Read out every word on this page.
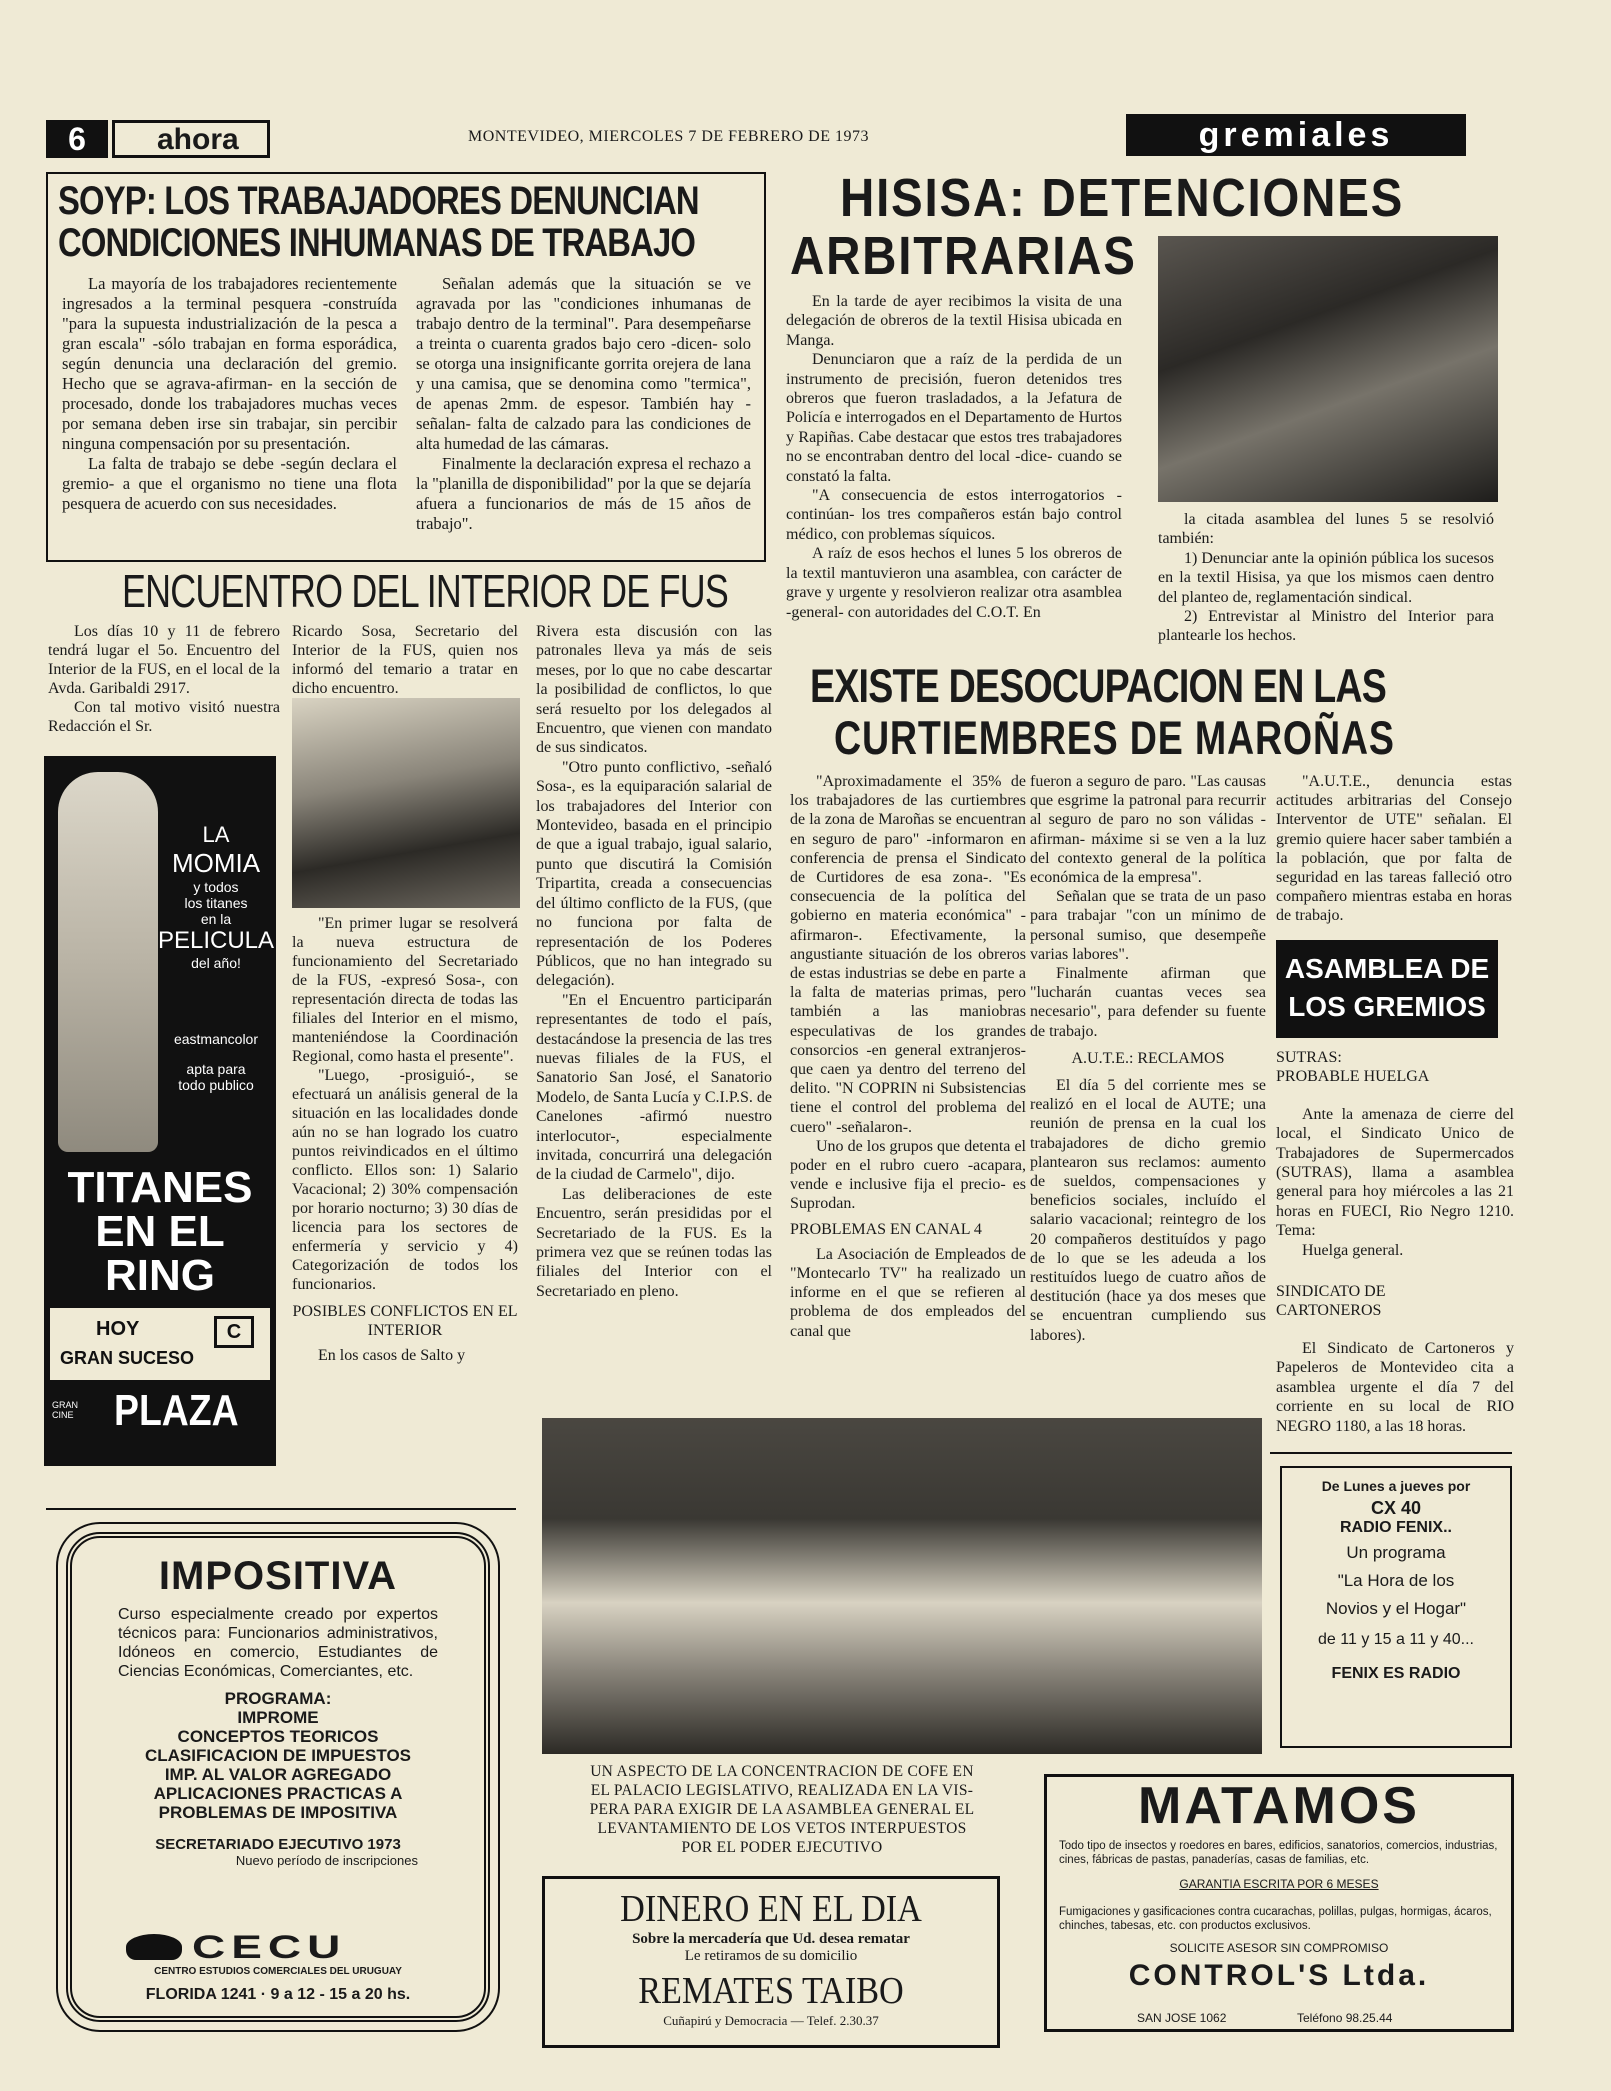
6	ahora	MONTEVIDEO, MIERCOLES 7 DE FEBRERO DE 1973	gremiales
SOYP: LOS TRABAJADORES DENUNCIAN
CONDICIONES INHUMANAS DE TRABAJO

La mayoría de los trabajadores recientemente ingresados a la terminal pesquera -construída "para la supuesta industrialización de la pesca a gran escala" -sólo trabajan en forma esporádica, según denuncia una declaración del gremio. Hecho que se agrava-afirman- en la sección de procesado, donde los trabajadores muchas veces por semana deben irse sin trabajar, sin percibir ninguna compensación por su presentación.

La falta de trabajo se debe -según declara el gremio- a que el organismo no tiene una flota pesquera de acuerdo con sus necesidades.

Señalan además que la situación se ve agravada por las "condiciones inhumanas de trabajo dentro de la terminal". Para desempeñarse a treinta o cuarenta grados bajo cero -dicen- solo se otorga una insignificante gorrita orejera de lana y una camisa, que se denomina como "termica", de apenas 2mm. de espesor. También hay -señalan- falta de calzado para las condiciones de alta humedad de las cámaras.

Finalmente la declaración expresa el rechazo a la "planilla de disponibilidad" por la que se dejaría afuera a funcionarios de más de 15 años de trabajo".

HISISA: DETENCIONES
ARBITRARIAS

En la tarde de ayer recibimos la visita de una delegación de obreros de la textil Hisisa ubicada en Manga.

Denunciaron que a raíz de la perdida de un instrumento de precisión, fueron detenidos tres obreros que fueron trasladados, a la Jefatura de Policía e interrogados en el Departamento de Hurtos y Rapiñas. Cabe destacar que estos tres trabajadores no se encontraban dentro del local -dice- cuando se constató la falta.

"A consecuencia de estos interrogatorios -continúan- los tres compañeros están bajo control médico, con problemas síquicos.

A raíz de esos hechos el lunes 5 los obreros de la textil mantuvieron una asamblea, con carácter de grave y urgente y resolvieron realizar otra asamblea -general- con autoridades del C.O.T. En

la citada asamblea del lunes 5 se resolvió también:

1) Denunciar ante la opinión pública los sucesos en la textil Hisisa, ya que los mismos caen dentro del planteo de, reglamentación sindical.

2) Entrevistar al Ministro del Interior para plantearle los hechos.

ENCUENTRO DEL INTERIOR DE FUS

Los días 10 y 11 de febrero tendrá lugar el 5o. Encuentro del Interior de la FUS, en el local de la Avda. Garibaldi 2917.

Con tal motivo visitó nuestra Redacción el Sr.

Ricardo Sosa, Secretario del Interior de la FUS, quien nos informó del temario a tratar en dicho encuentro.

"En primer lugar se resolverá la nueva estructura de funcionamiento del Secretariado de la FUS, -expresó Sosa-, con representación directa de todas las filiales del Interior en el mismo, manteniéndose la Coordinación Regional, como hasta el presente".

"Luego, -prosiguió-, se efectuará un análisis general de la situación en las localidades donde aún no se han logrado los cuatro puntos reivindicados en el último conflicto. Ellos son: 1) Salario Vacacional; 2) 30% compensación por horario nocturno; 3) 30 días de licencia para los sectores de enfermería y servicio y 4) Categorización de todos los funcionarios.

POSIBLES CONFLICTOS EN EL INTERIOR

En los casos de Salto y

Rivera esta discusión con las patronales lleva ya más de seis meses, por lo que no cabe descartar la posibilidad de conflictos, lo que será resuelto por los delegados al Encuentro, que vienen con mandato de sus sindicatos.

"Otro punto conflictivo, -señaló Sosa-, es la equiparación salarial de los trabajadores del Interior con Montevideo, basada en el principio de que a igual trabajo, igual salario, punto que discutirá la Comisión Tripartita, creada a consecuencias del último conflicto de la FUS, (que no funciona por falta de representación de los Poderes Públicos, que no han integrado su delegación).

"En el Encuentro participarán representantes de todo el país, destacándose la presencia de las tres nuevas filiales de la FUS, el Sanatorio San José, el Sanatorio Modelo, de Santa Lucía y C.I.P.S. de Canelones -afirmó nuestro interlocutor-, especialmente invitada, concurrirá una delegación de la ciudad de Carmelo", dijo.

Las deliberaciones de este Encuentro, serán presididas por el Secretariado de la FUS. Es la primera vez que se reúnen todas las filiales del Interior con el Secretariado en pleno.

LA
MOMIA
y todos
los titanes
en la
PELICULA
del año!
eastmancolor
apta para
todo publico
TITANES
EN EL
RING
HOY
GRAN SUCESO
C
GRAN
CINE PLAZA
EXISTE DESOCUPACION EN LAS
CURTIEMBRES DE MAROÑAS

"Aproximadamente el 35% de los trabajadores de las curtiembres de la zona de Maroñas se encuentran en seguro de paro" -informaron en conferencia de prensa el Sindicato de Curtidores de esa zona-. "Es consecuencia de la política del gobierno en materia económica" -afirmaron-. Efectivamente, la angustiante situación de los obreros de estas industrias se debe en parte a la falta de materias primas, pero también a las maniobras especulativas de los grandes consorcios -en general extranjeros- que caen ya dentro del terreno del delito. "N COPRIN ni Subsistencias tiene el control del problema del cuero" -señalaron-.

Uno de los grupos que detenta el poder en el rubro cuero -acapara, vende e inclusive fija el precio- es Suprodan.

PROBLEMAS EN CANAL 4

La Asociación de Empleados de "Montecarlo TV" ha realizado un informe en el que se refieren al problema de dos empleados del canal que

fueron a seguro de paro. "Las causas que esgrime la patronal para recurrir al seguro de paro no son válidas -afirman- máxime si se ven a la luz del contexto general de la política económica de la empresa".

Señalan que se trata de un paso para trabajar "con un mínimo de personal sumiso, que desempeñe varias labores".

Finalmente afirman que "lucharán cuantas veces sea necesario", para defender su fuente de trabajo.

A.U.T.E.: RECLAMOS

El día 5 del corriente mes se realizó en el local de AUTE; una reunión de prensa en la cual los trabajadores de dicho gremio plantearon sus reclamos: aumento de sueldos, compensaciones y beneficios sociales, incluído el salario vacacional; reintegro de los 20 compañeros destituídos y pago de lo que se les adeuda a los restituídos luego de cuatro años de destitución (hace ya dos meses que se encuentran cumpliendo sus labores).

"A.U.T.E., denuncia estas actitudes arbitrarias del Consejo Interventor de UTE" señalan. El gremio quiere hacer saber también a la población, que por falta de seguridad en las tareas falleció otro compañero mientras estaba en horas de trabajo.

ASAMBLEA DE
LOS GREMIOS

SUTRAS:

PROBABLE HUELGA

Ante la amenaza de cierre del local, el Sindicato Unico de Trabajadores de Supermercados (SUTRAS), llama a asamblea general para hoy miércoles a las 21 horas en FUECI, Rio Negro 1210. Tema:

Huelga general.

SINDICATO DE

CARTONEROS

El Sindicato de Cartoneros y Papeleros de Montevideo cita a asamblea urgente el día 7 del corriente en su local de RIO NEGRO 1180, a las 18 horas.

UN ASPECTO DE LA CONCENTRACION DE COFE EN
EL PALACIO LEGISLATIVO, REALIZADA EN LA VIS-
PERA PARA EXIGIR DE LA ASAMBLEA GENERAL EL
LEVANTAMIENTO DE LOS VETOS INTERPUESTOS
POR EL PODER EJECUTIVO
De Lunes a jueves por
CX 40
RADIO FENIX..
Un programa
"La Hora de los
Novios y el Hogar"
de 11 y 15 a 11 y 40...
FENIX ES RADIO
IMPOSITIVA
Curso especialmente creado por expertos técnicos para: Funcionarios administrativos, Idóneos en comercio, Estudiantes de Ciencias Económicas, Comerciantes, etc.
PROGRAMA:
IMPROME
CONCEPTOS TEORICOS
CLASIFICACION DE IMPUESTOS
IMP. AL VALOR AGREGADO
APLICACIONES PRACTICAS A
PROBLEMAS DE IMPOSITIVA
SECRETARIADO EJECUTIVO 1973
Nuevo período de inscripciones
CECU
CENTRO ESTUDIOS COMERCIALES DEL URUGUAY
FLORIDA 1241 · 9 a 12 - 15 a 20 hs.
DINERO EN EL DIA
Sobre la mercadería que Ud. desea rematar
Le retiramos de su domicilio
REMATES TAIBO
Cuñapirú y Democracia — Telef. 2.30.37
MATAMOS
Todo tipo de insectos y roedores en bares, edificios, sanatorios, comercios, industrias, cines, fábricas de pastas, panaderías, casas de familias, etc.
GARANTIA ESCRITA POR 6 MESES
Fumigaciones y gasificaciones contra cucarachas, polillas, pulgas, hormigas, ácaros, chinches, tabesas, etc. con productos exclusivos.
SOLICITE ASESOR SIN COMPROMISO
CONTROL'S Ltda.
SAN JOSE 1062	Teléfono 98.25.44
